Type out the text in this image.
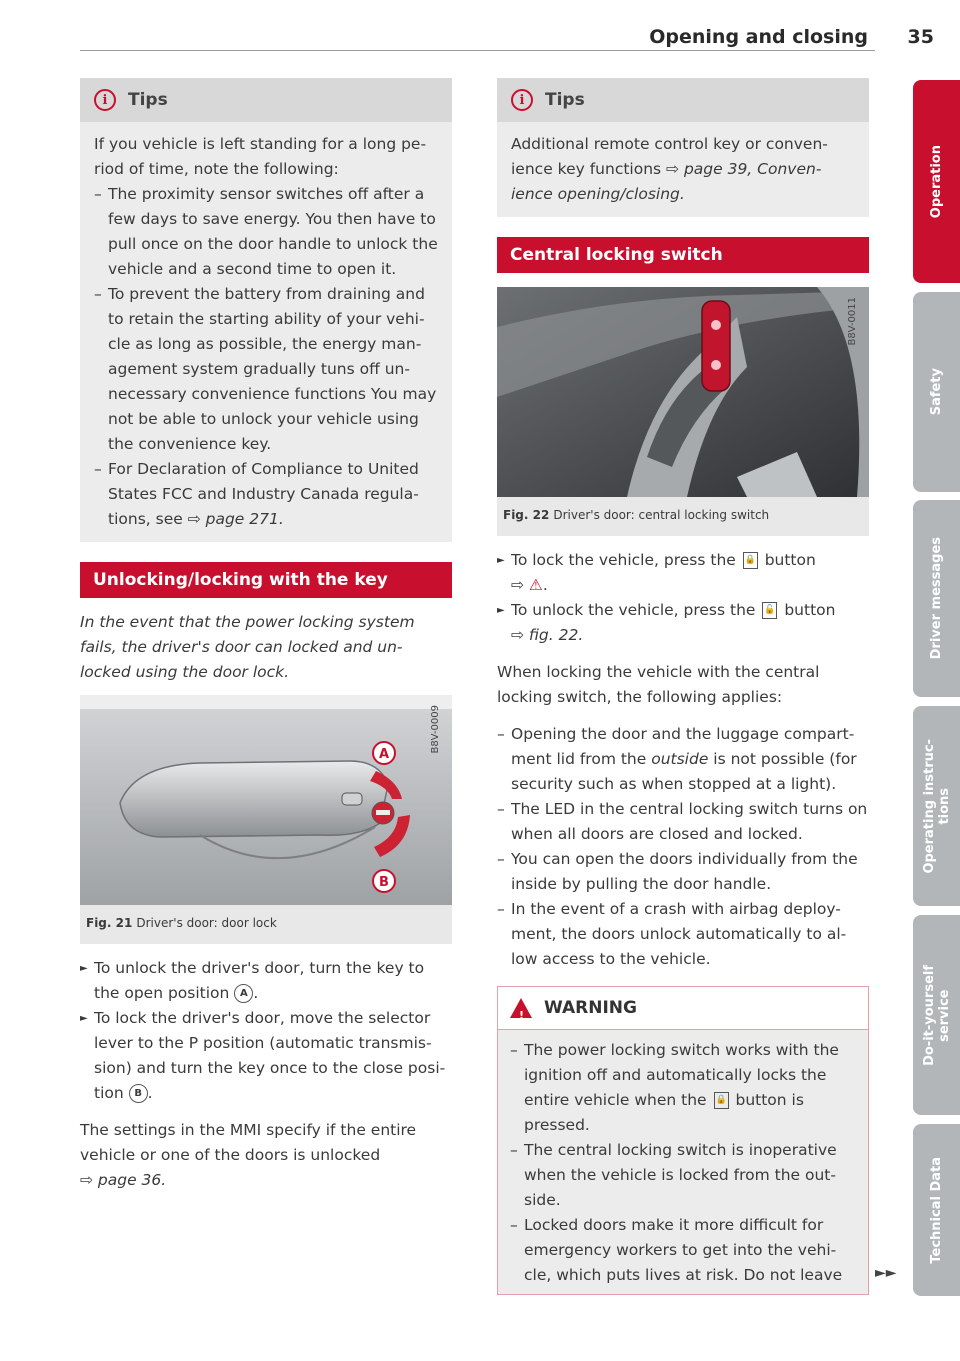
Opening and closing 35
i	Tips

If you vehicle is left standing for a long pe-riod of time, note the following:

– The proximity sensor switches off after a few days to save energy. You then have to pull once on the door handle to unlock the vehicle and a second time to open it.
– To prevent the battery from draining and to retain the starting ability of your vehi-cle as long as possible, the energy man-agement system gradually tuns off un-necessary convenience functions You may not be able to unlock your vehicle using the convenience key.
– For Declaration of Compliance to United States FCC and Industry Canada regula-tions, see ⇨ page 271.
Unlocking/locking with the key

In the event that the power locking system fails, the driver's door can locked and un-locked using the door lock.

A
B
B8V-0009
Fig. 21 Driver's door: door lock

► To unlock the driver's door, turn the key to the open position A .

► To lock the driver's door, move the selector lever to the P position (automatic transmis-sion) and turn the key once to the close posi-tion B .

The settings in the MMI specify if the entire vehicle or one of the doors is unlocked
⇨ page 36.

i	Tips

Additional remote control key or conven-ience key functions ⇨ page 39, Conven-ience opening/closing.

Central locking switch
B8V-0011
Fig. 22 Driver's door: central locking switch

► To lock the vehicle, press the 🔒 button
⇨ ⚠.

► To unlock the vehicle, press the 🔓 button
⇨ fig. 22.

When locking the vehicle with the central locking switch, the following applies:

– Opening the door and the luggage compart-ment lid from the outside is not possible (for security such as when stopped at a light).
– The LED in the central locking switch turns on when all doors are closed and locked.
– You can open the doors individually from the inside by pulling the door handle.
– In the event of a crash with airbag deploy-ment, the doors unlock automatically to al-low access to the vehicle.
! WARNING
– The power locking switch works with the ignition off and automatically locks the entire vehicle when the 🔒 button is pressed.
– The central locking switch is inoperative when the vehicle is locked from the out-side.
– Locked doors make it more difficult for emergency workers to get into the vehi-cle, which puts lives at risk. Do not leave	►►
Operation
Safety
Driver messages
Operating instruc-
tions
Do-it-yourself
service
Technical Data
